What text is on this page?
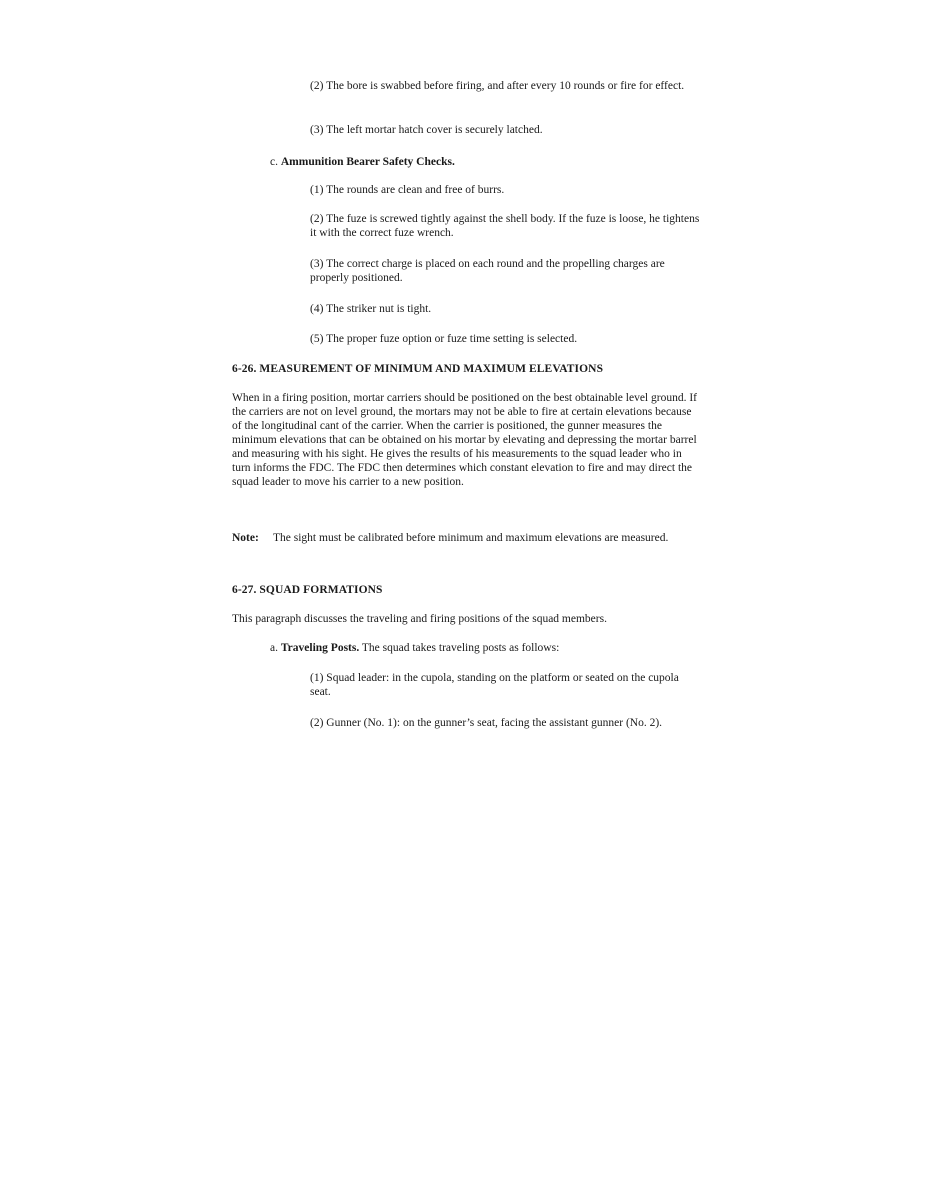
(2) The bore is swabbed before firing, and after every 10 rounds or fire for effect.

(3) The left mortar hatch cover is securely latched.

c. Ammunition Bearer Safety Checks.

(1) The rounds are clean and free of burrs.

(2) The fuze is screwed tightly against the shell body. If the fuze is loose, he tightens it with the correct fuze wrench.

(3) The correct charge is placed on each round and the propelling charges are properly positioned.

(4) The striker nut is tight.

(5) The proper fuze option or fuze time setting is selected.

6-26. MEASUREMENT OF MINIMUM AND MAXIMUM ELEVATIONS

When in a firing position, mortar carriers should be positioned on the best obtainable level ground. If the carriers are not on level ground, the mortars may not be able to fire at certain elevations because of the longitudinal cant of the carrier. When the carrier is positioned, the gunner measures the minimum elevations that can be obtained on his mortar by elevating and depressing the mortar barrel and measuring with his sight. He gives the results of his measurements to the squad leader who in turn informs the FDC. The FDC then determines which constant elevation to fire and may direct the squad leader to move his carrier to a new position.

Note: The sight must be calibrated before minimum and maximum elevations are measured.

6-27. SQUAD FORMATIONS

This paragraph discusses the traveling and firing positions of the squad members.

a. Traveling Posts. The squad takes traveling posts as follows:

(1) Squad leader: in the cupola, standing on the platform or seated on the cupola seat.

(2) Gunner (No. 1): on the gunner’s seat, facing the assistant gunner (No. 2).
